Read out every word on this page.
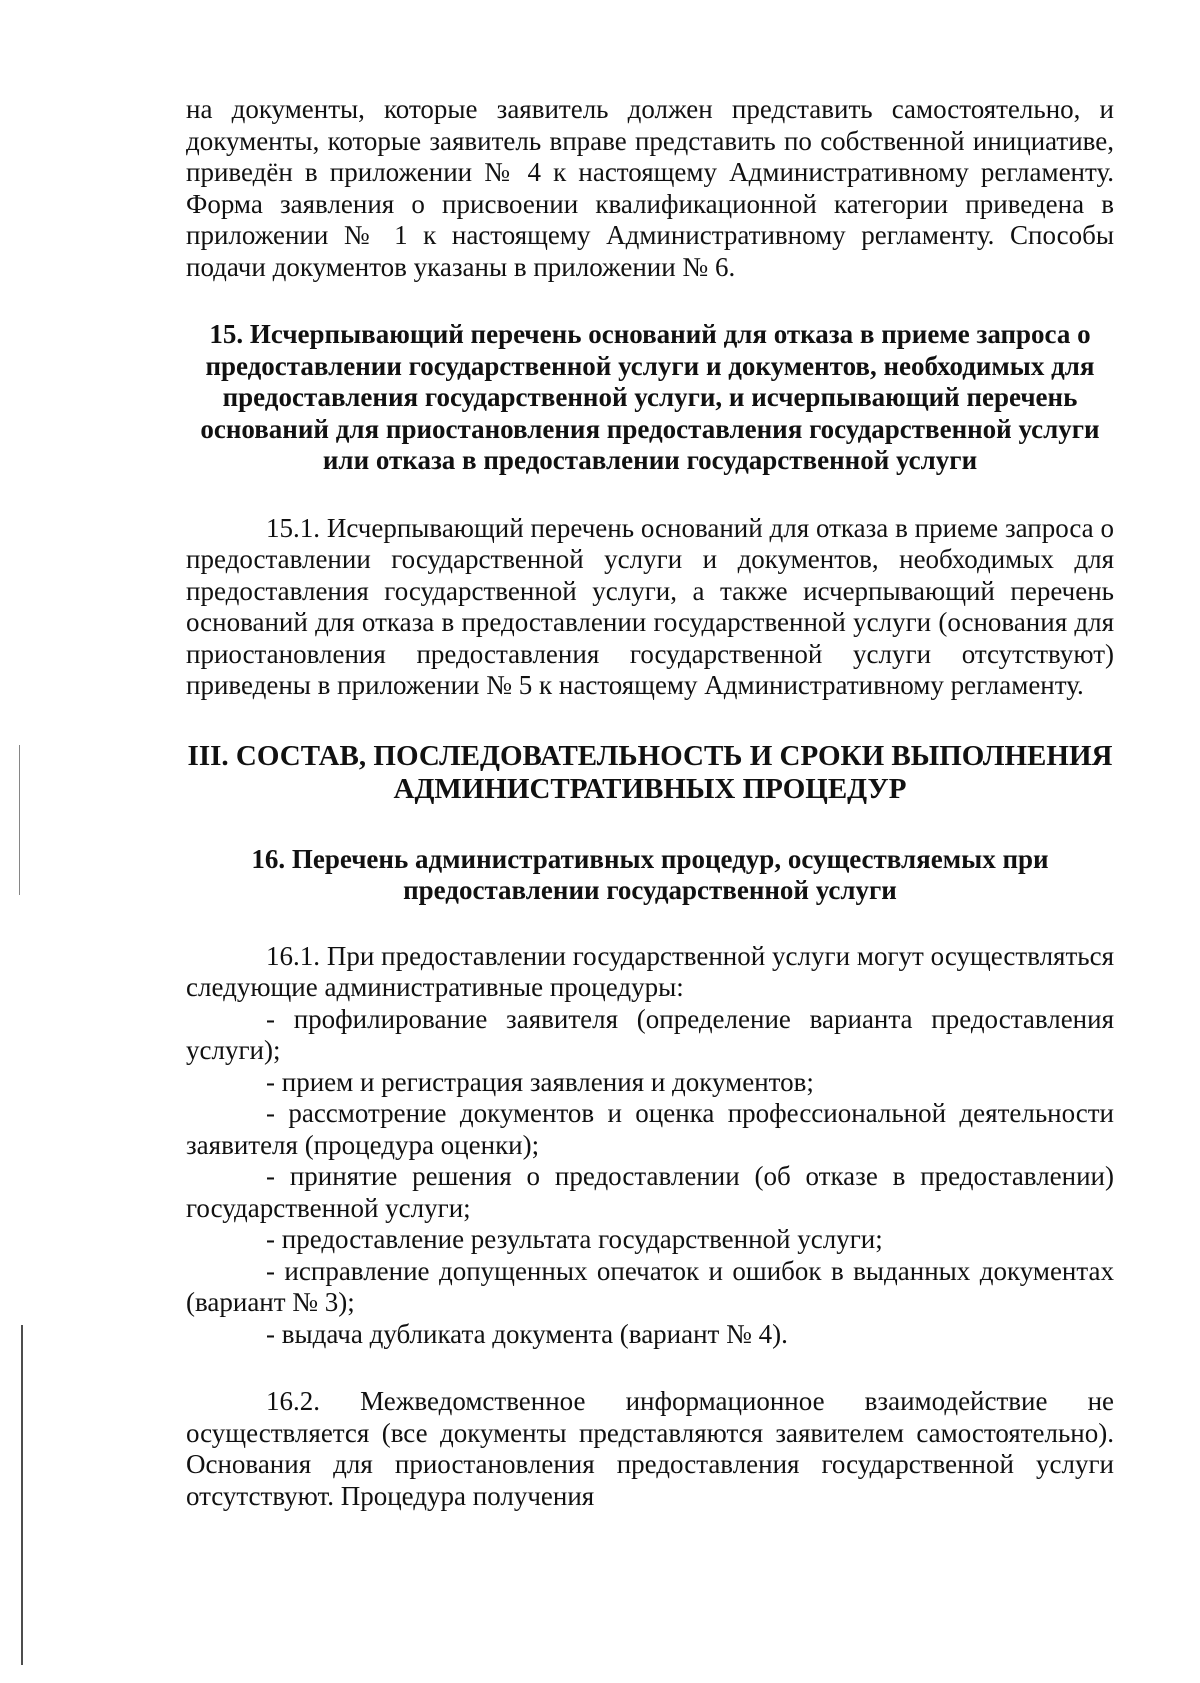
на документы, которые заявитель должен представить самостоятельно, и документы, которые заявитель вправе представить по собственной инициативе, приведён в приложении № 4 к настоящему Административному регламенту. Форма заявления о присвоении квалификационной категории приведена в приложении № 1 к настоящему Административному регламенту. Способы подачи документов указаны в приложении № 6.

15. Исчерпывающий перечень оснований для отказа в приеме запроса о предоставлении государственной услуги и документов, необходимых для предоставления государственной услуги, и исчерпывающий перечень оснований для приостановления предоставления государственной услуги или отказа в предоставлении государственной услуги

15.1. Исчерпывающий перечень оснований для отказа в приеме запроса о предоставлении государственной услуги и документов, необходимых для предоставления государственной услуги, а также исчерпывающий перечень оснований для отказа в предоставлении государственной услуги (основания для приостановления предоставления государственной услуги отсутствуют) приведены в приложении № 5 к настоящему Административному регламенту.

III. СОСТАВ, ПОСЛЕДОВАТЕЛЬНОСТЬ И СРОКИ ВЫПОЛНЕНИЯ АДМИНИСТРАТИВНЫХ ПРОЦЕДУР

16. Перечень административных процедур, осуществляемых при предоставлении государственной услуги

16.1. При предоставлении государственной услуги могут осуществляться следующие административные процедуры:

- профилирование заявителя (определение варианта предоставления услуги);

- прием и регистрация заявления и документов;

- рассмотрение документов и оценка профессиональной деятельности заявителя (процедура оценки);

- принятие решения о предоставлении (об отказе в предоставлении) государственной услуги;

- предоставление результата государственной услуги;

- исправление допущенных опечаток и ошибок в выданных документах (вариант № 3);

- выдача дубликата документа (вариант № 4).

16.2. Межведомственное информационное взаимодействие не осуществляется (все документы представляются заявителем самостоятельно). Основания для приостановления предоставления государственной услуги отсутствуют. Процедура получения
